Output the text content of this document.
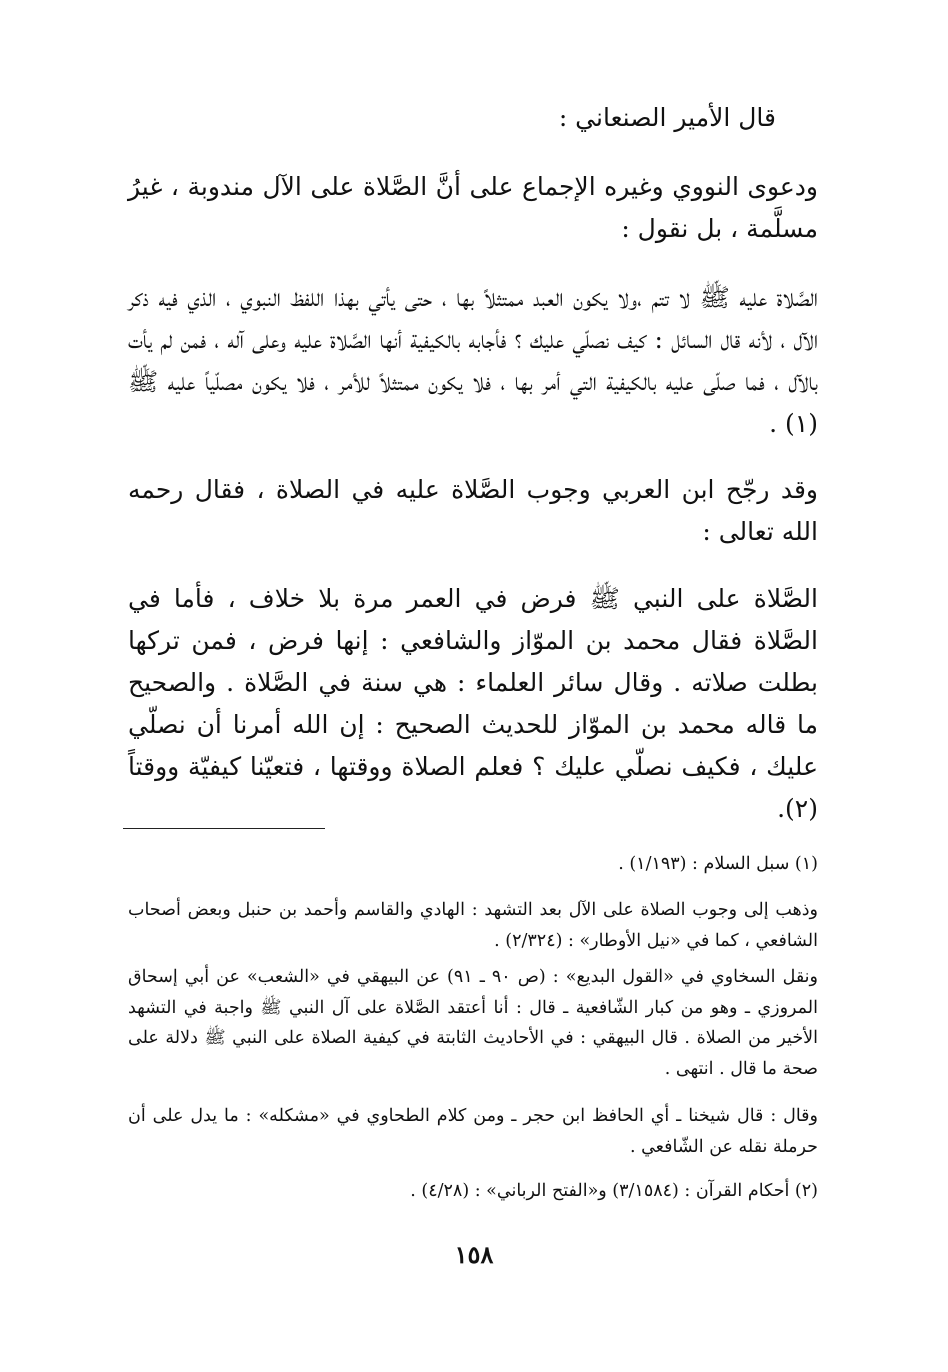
قال الأمير الصنعاني :
ودعوى النووي وغيره الإجماع على أنَّ الصَّلاة على الآل مندوبة ، غيرُ مسلَّمة ، بل نقول :
الصَّلاة عليه ﷺ لا تتم ،ولا يكون العبد ممتثلاً بها ، حتى يأتي بهذا اللفظ النبوي ، الذي فيه ذكر الآل ، لأنه قال السائل : كيف نصلّي عليك ؟ فأجابه بالكيفية أنها الصَّلاة عليه وعلى آله ، فمن لم يأت بالآل ، فما صلّى عليه بالكيفية التي أمر بها ، فلا يكون ممتثلاً للأمر ، فلا يكون مصلّياً عليه ﷺ (١) .
وقد رجّح ابن العربي وجوب الصَّلاة عليه في الصلاة ، فقال رحمه الله تعالى :
الصَّلاة على النبي ﷺ فرض في العمر مرة بلا خلاف ، فأما في الصَّلاة فقال محمد بن الموّاز والشافعي : إنها فرض ، فمن تركها بطلت صلاته . وقال سائر العلماء : هي سنة في الصَّلاة . والصحيح ما قاله محمد بن الموّاز للحديث الصحيح : إن الله أمرنا أن نصلّي عليك ، فكيف نصلّي عليك ؟ فعلم الصلاة ووقتها ، فتعيّنا كيفيّة ووقتاً (٢).
(١) سبل السلام : (١/١٩٣) .
وذهب إلى وجوب الصلاة على الآل بعد التشهد : الهادي والقاسم وأحمد بن حنبل وبعض أصحاب الشافعي ، كما في «نيل الأوطار» : (٢/٣٢٤) .
ونقل السخاوي في «القول البديع» : (ص ٩٠ ـ ٩١) عن البيهقي في «الشعب» عن أبي إسحاق المروزي ـ وهو من كبار الشّافعية ـ قال : أنا أعتقد الصَّلاة على آل النبي ﷺ واجبة في التشهد الأخير من الصلاة . قال البيهقي : في الأحاديث الثابتة في كيفية الصلاة على النبي ﷺ دلالة على صحة ما قال . انتهى .
وقال : قال شيخنا ـ أي الحافظ ابن حجر ـ ومن كلام الطحاوي في «مشكله» : ما يدل على أن حرملة نقله عن الشّافعي .
(٢) أحكام القرآن : (٣/١٥٨٤) و«الفتح الرباني» : (٤/٢٨) .
١٥٨
